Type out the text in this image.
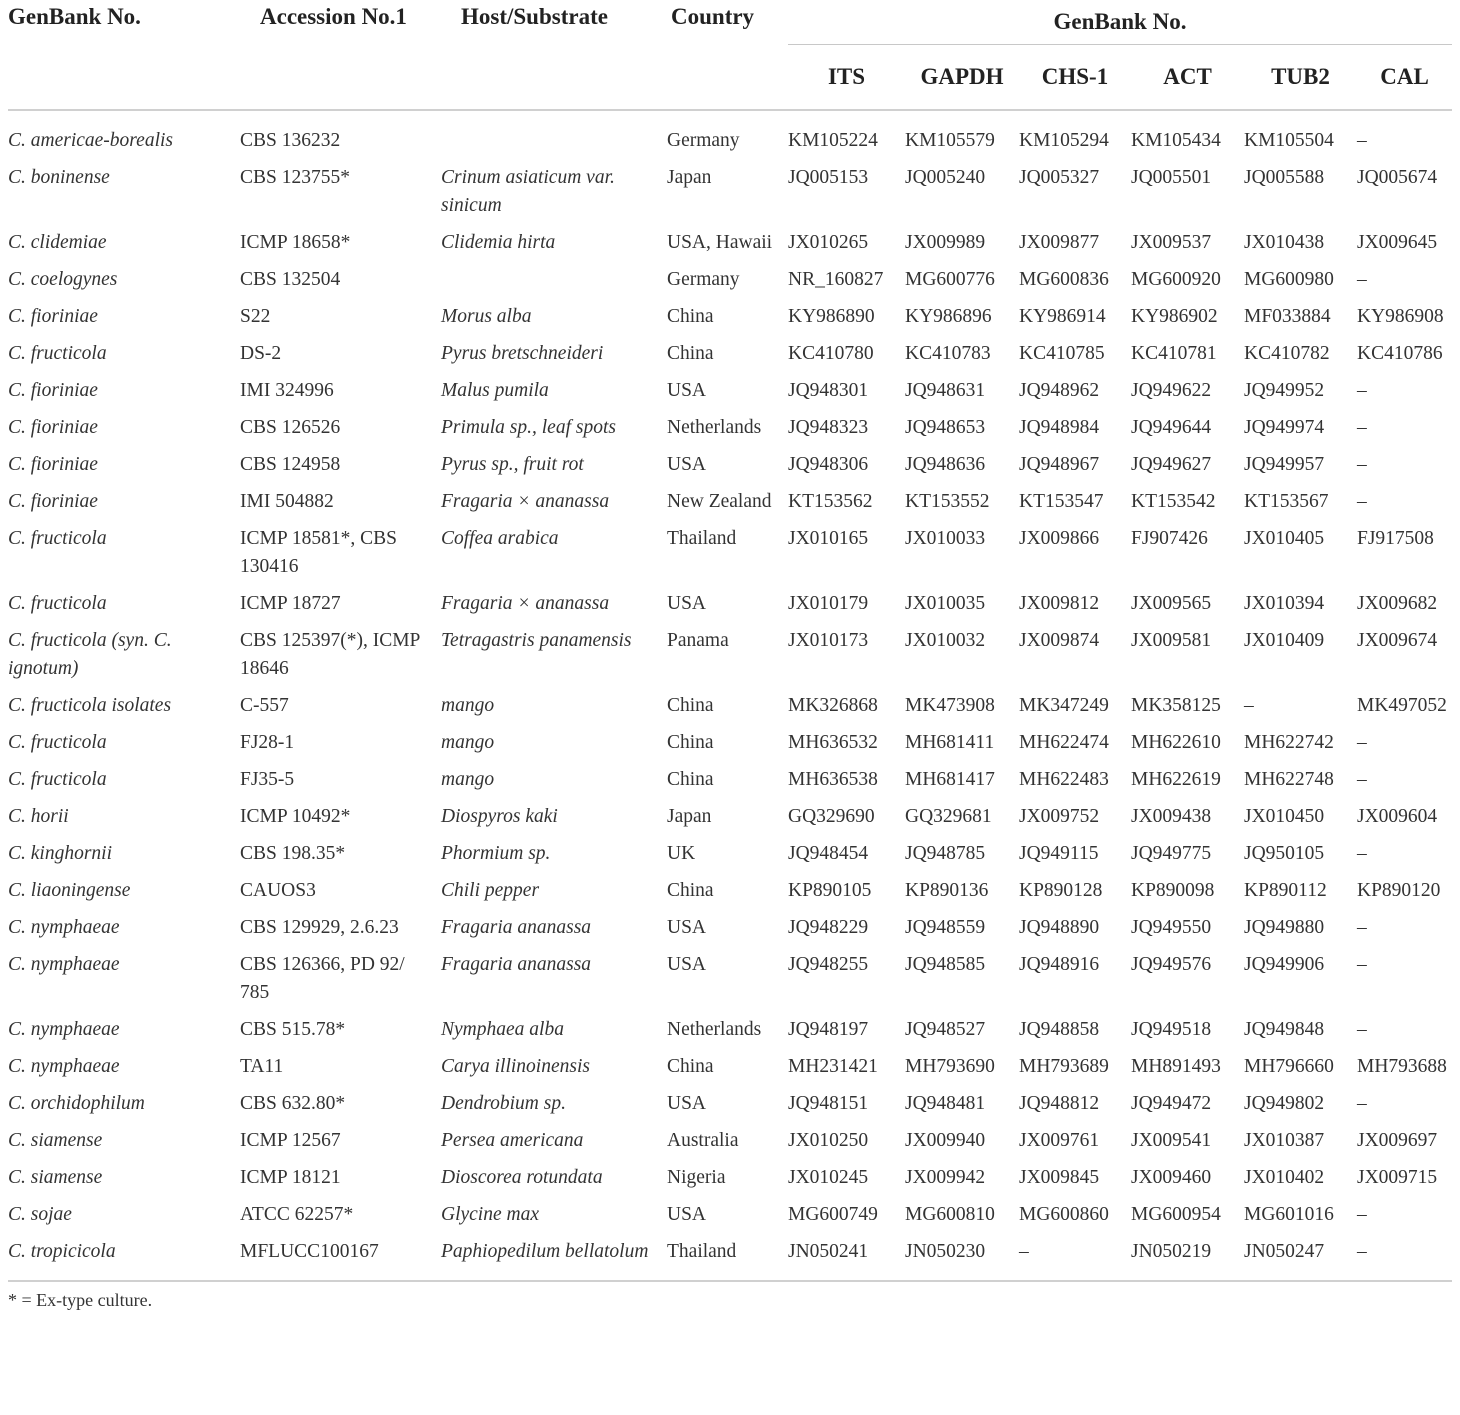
GenBank No.	Accession No.1	Host/Substrate	Country	GenBank No.					
				ITS	GAPDH	CHS-1	ACT	TUB2	CAL

C. americae-borealis	CBS 136232		Germany	KM105224	KM105579	KM105294	KM105434	KM105504	–
C. boninense	CBS 123755*	Crinum asiaticum var. sinicum	Japan	JQ005153	JQ005240	JQ005327	JQ005501	JQ005588	JQ005674
C. clidemiae	ICMP 18658*	Clidemia hirta	USA, Hawaii	JX010265	JX009989	JX009877	JX009537	JX010438	JX009645
C. coelogynes	CBS 132504		Germany	NR_160827	MG600776	MG600836	MG600920	MG600980	–
C. fioriniae	S22	Morus alba	China	KY986890	KY986896	KY986914	KY986902	MF033884	KY986908
C. fructicola	DS-2	Pyrus bretschneideri	China	KC410780	KC410783	KC410785	KC410781	KC410782	KC410786
C. fioriniae	IMI 324996	Malus pumila	USA	JQ948301	JQ948631	JQ948962	JQ949622	JQ949952	–
C. fioriniae	CBS 126526	Primula sp., leaf spots	Netherlands	JQ948323	JQ948653	JQ948984	JQ949644	JQ949974	–
C. fioriniae	CBS 124958	Pyrus sp., fruit rot	USA	JQ948306	JQ948636	JQ948967	JQ949627	JQ949957	–
C. fioriniae	IMI 504882	Fragaria × ananassa	New Zealand	KT153562	KT153552	KT153547	KT153542	KT153567	–
C. fructicola	ICMP 18581*, CBS 130416	Coffea arabica	Thailand	JX010165	JX010033	JX009866	FJ907426	JX010405	FJ917508
C. fructicola	ICMP 18727	Fragaria × ananassa	USA	JX010179	JX010035	JX009812	JX009565	JX010394	JX009682
C. fructicola (syn. C. ignotum)	CBS 125397(*), ICMP 18646	Tetragastris panamensis	Panama	JX010173	JX010032	JX009874	JX009581	JX010409	JX009674
C. fructicola isolates	C-557	mango	China	MK326868	MK473908	MK347249	MK358125	–	MK497052
C. fructicola	FJ28-1	mango	China	MH636532	MH681411	MH622474	MH622610	MH622742	–
C. fructicola	FJ35-5	mango	China	MH636538	MH681417	MH622483	MH622619	MH622748	–
C. horii	ICMP 10492*	Diospyros kaki	Japan	GQ329690	GQ329681	JX009752	JX009438	JX010450	JX009604
C. kinghornii	CBS 198.35*	Phormium sp.	UK	JQ948454	JQ948785	JQ949115	JQ949775	JQ950105	–
C. liaoningense	CAUOS3	Chili pepper	China	KP890105	KP890136	KP890128	KP890098	KP890112	KP890120
C. nymphaeae	CBS 129929, 2.6.23	Fragaria ananassa	USA	JQ948229	JQ948559	JQ948890	JQ949550	JQ949880	–
C. nymphaeae	CBS 126366, PD 92/ 785	Fragaria ananassa	USA	JQ948255	JQ948585	JQ948916	JQ949576	JQ949906	–
C. nymphaeae	CBS 515.78*	Nymphaea alba	Netherlands	JQ948197	JQ948527	JQ948858	JQ949518	JQ949848	–
C. nymphaeae	TA11	Carya illinoinensis	China	MH231421	MH793690	MH793689	MH891493	MH796660	MH793688
C. orchidophilum	CBS 632.80*	Dendrobium sp.	USA	JQ948151	JQ948481	JQ948812	JQ949472	JQ949802	–
C. siamense	ICMP 12567	Persea americana	Australia	JX010250	JX009940	JX009761	JX009541	JX010387	JX009697
C. siamense	ICMP 18121	Dioscorea rotundata	Nigeria	JX010245	JX009942	JX009845	JX009460	JX010402	JX009715
C. sojae	ATCC 62257*	Glycine max	USA	MG600749	MG600810	MG600860	MG600954	MG601016	–
C. tropicicola	MFLUCC100167	Paphiopedilum bellatolum	Thailand	JN050241	JN050230	–	JN050219	JN050247	–
* = Ex-type culture.
